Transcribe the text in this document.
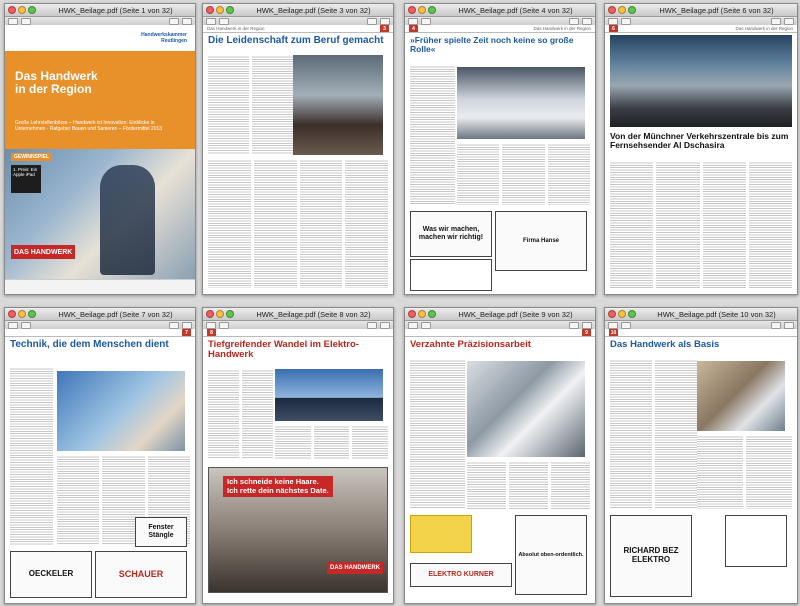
HWK_Beilage.pdf (Seite 1 von 32)
Handwerkskammer Reutlingen
Das Handwerk in der Region
Große Lehrstellenbörse – Handwerk ist Innovation: Einblicke in Unternehmen · Ratgeber Bauen und Sanieren – Fördermittel 2013
GEWINNSPIEL
1. Preis: Ein Apple iPad
DAS HANDWERK
HWK_Beilage.pdf (Seite 3 von 32)
Das Handwerk in der Region	3
Die Leidenschaft zum Beruf gemacht
HWK_Beilage.pdf (Seite 4 von 32)
4	Das Handwerk in der Region
»Früher spielte Zeit noch keine so große Rolle«
Was wir machen, machen wir richtig!	Firma Hanse
HWK_Beilage.pdf (Seite 6 von 32)
6	Das Handwerk in der Region
Von der Münchner Verkehrszentrale bis zum Fernsehsender Al Dschasira
HWK_Beilage.pdf (Seite 7 von 32)
7
Technik, die dem Menschen dient
Fenster Stängle
OECKELER	SCHAUER
HWK_Beilage.pdf (Seite 8 von 32)
8
Tiefgreifender Wandel im Elektro-Handwerk
Ich schneide keine Haare.
Ich rette dein nächstes Date.
DAS HANDWERK
HWK_Beilage.pdf (Seite 9 von 32)
9
Verzahnte Präzisionsarbeit
Absolut oben-ordentlich.
ELEKTRO KURNER
HWK_Beilage.pdf (Seite 10 von 32)
10
Das Handwerk als Basis
RICHARD BEZ ELEKTRO
